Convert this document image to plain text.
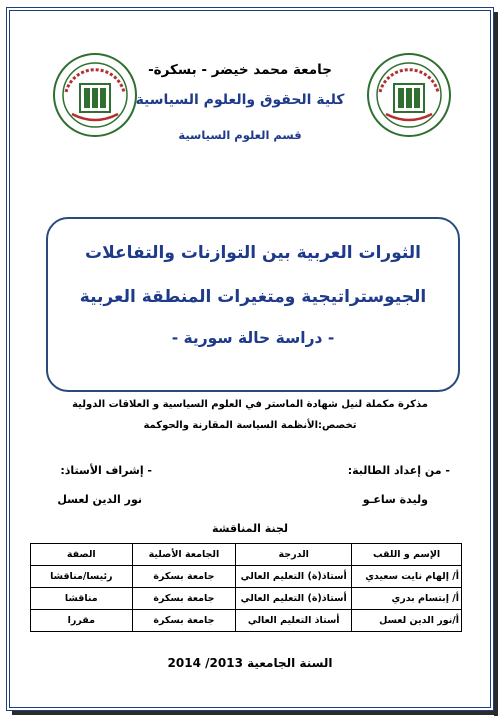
جامعة محمد خيضر - بسكرة-
كلية الحقوق والعلوم السياسية
قسم العلوم السياسية
الثورات العربية بين التوازنات والتفاعلات
الجيوستراتيجية ومتغيرات المنطقة العربية
- دراسة حالة سورية -
مذكرة مكملة لنيل شهادة الماستر في العلوم السياسية و العلاقات الدولية
تخصص:الأنظمة السياسة المقارنة والحوكمة
- من إعداد الطالبة:
- إشراف الأستاذ:
وليدة ساعـو
نور الدين لعسل
لجنة المناقشة
الإسم و اللقب	الدرجة	الجامعة الأصلية	الصفة
أ/ إلهام نايت سعيدي	أستاذ(ة) التعليم العالي	جامعة بسكرة	رئيسا/مناقشا
أ/ إبتسام بدري	أستاذ(ة) التعليم العالي	جامعة بسكرة	مناقشا
أ/نور الدين لعسل	أستاذ التعليم العالي	جامعة بسكرة	مقررا
السنة الجامعية 2013/ 2014
